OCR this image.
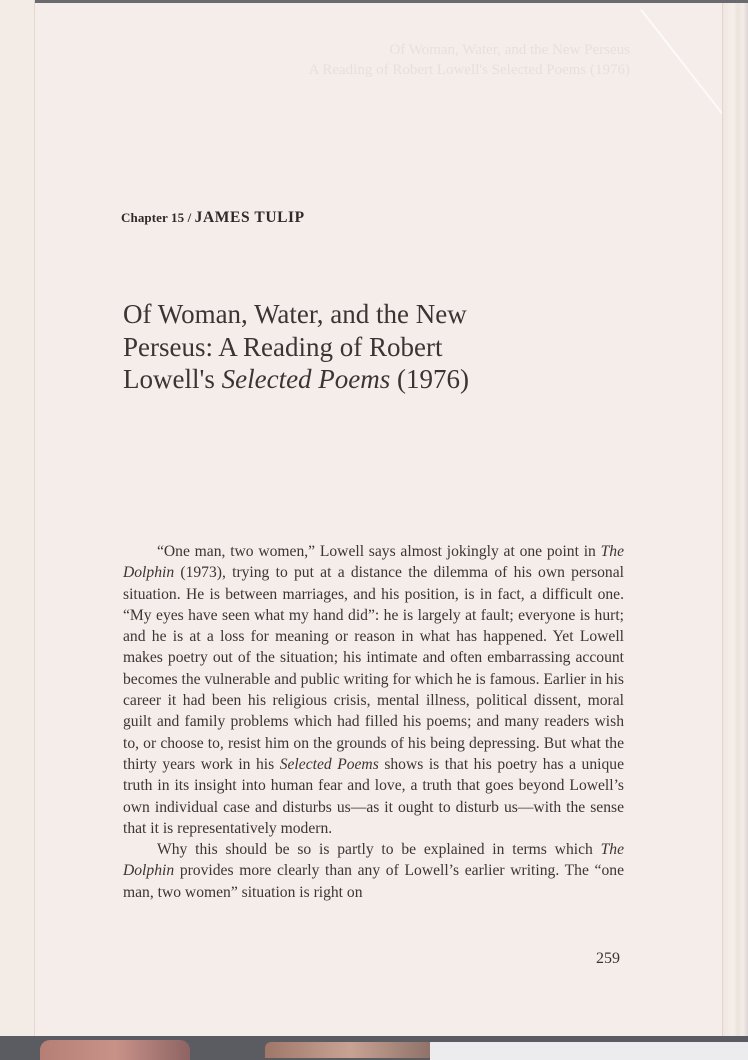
Of Woman, Water, and the New Perseus
A Reading of Robert Lowell's Selected Poems (1976)
Chapter 15 / JAMES TULIP
Of Woman, Water, and the New
Perseus: A Reading of Robert
Lowell's Selected Poems (1976)

“One man, two women,” Lowell says almost jokingly at one point in The Dolphin (1973), trying to put at a distance the dilemma of his own personal situation. He is between marriages, and his position, is in fact, a difficult one. “My eyes have seen what my hand did”: he is largely at fault; everyone is hurt; and he is at a loss for meaning or reason in what has happened. Yet Lowell makes poetry out of the situation; his intimate and often embarrassing account becomes the vulnerable and public writing for which he is famous. Earlier in his career it had been his religious crisis, mental illness, political dissent, moral guilt and family problems which had filled his poems; and many readers wish to, or choose to, resist him on the grounds of his being depressing. But what the thirty years work in his Selected Poems shows is that his poetry has a unique truth in its insight into human fear and love, a truth that goes beyond Lowell’s own individual case and disturbs us—as it ought to disturb us—with the sense that it is representatively modern.

Why this should be so is partly to be explained in terms which The Dolphin provides more clearly than any of Lowell’s earlier writing. The “one man, two women” situation is right on

259
